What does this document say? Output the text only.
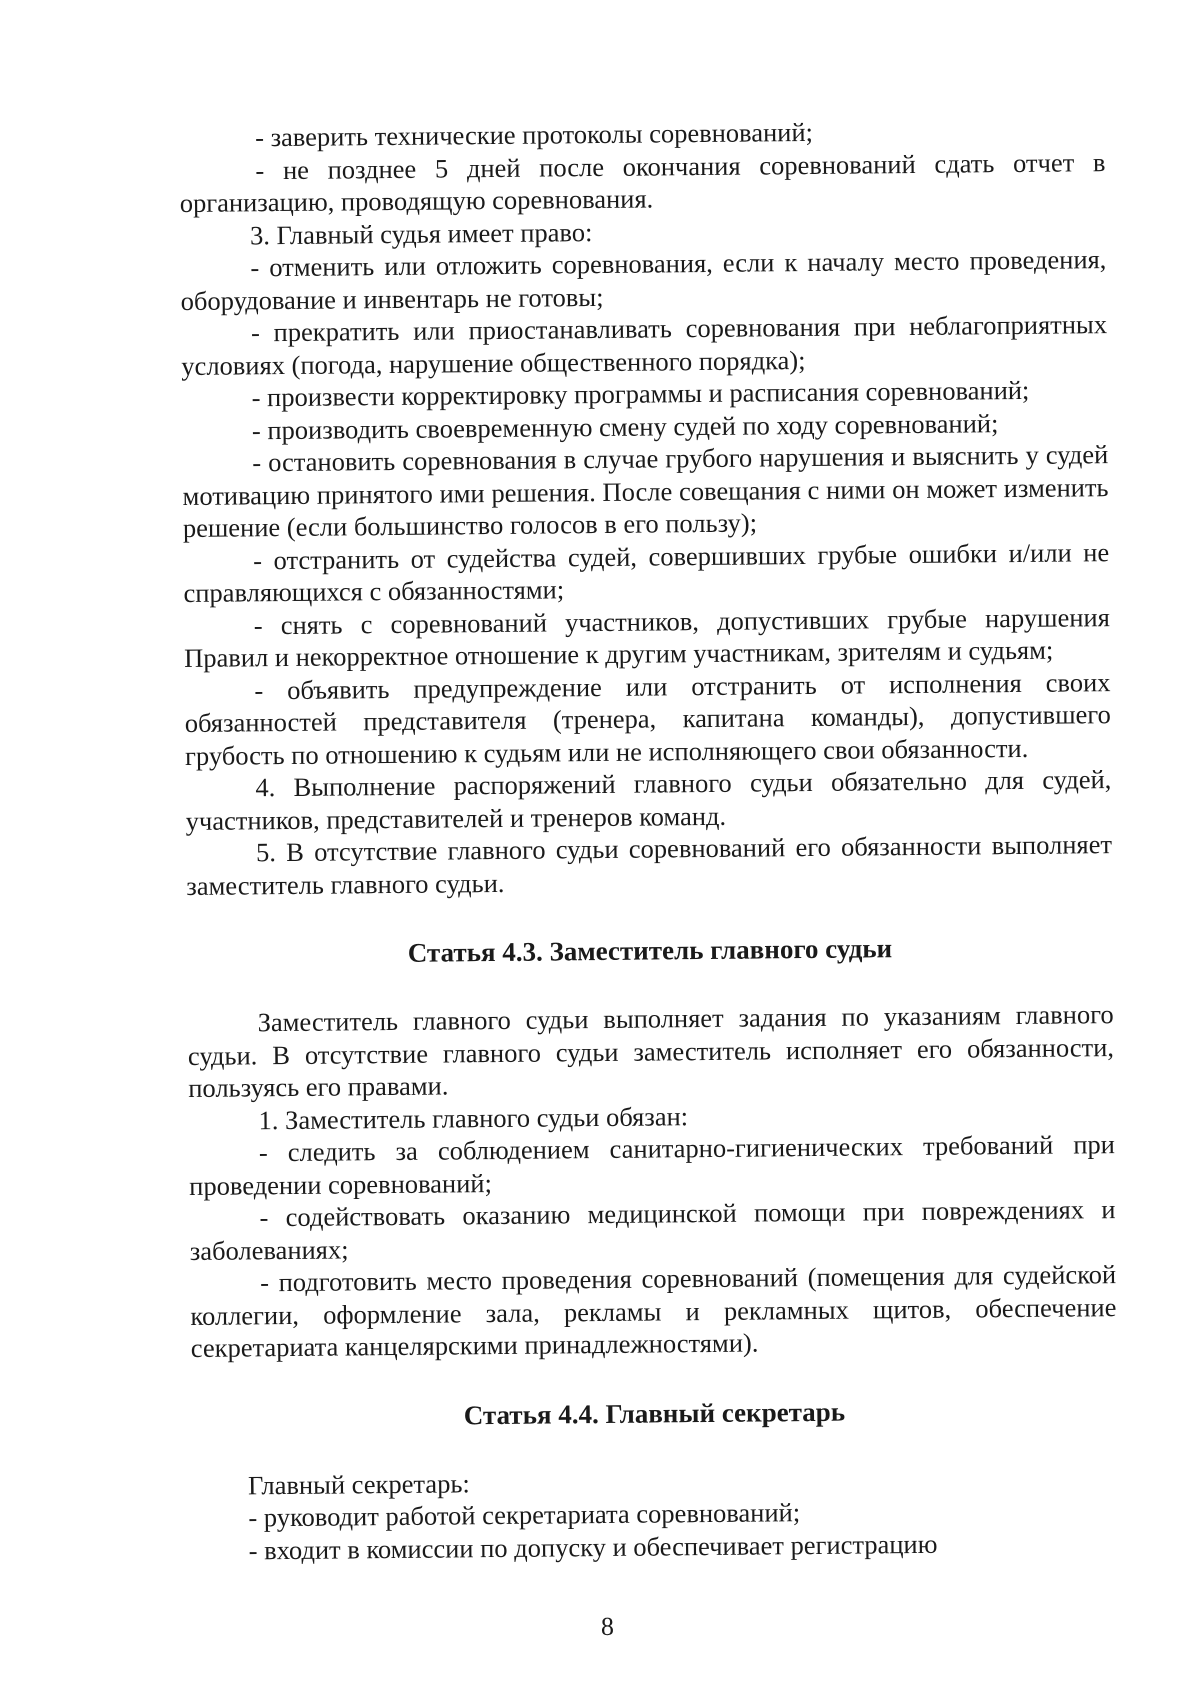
- заверить технические протоколы соревнований;

- не позднее 5 дней после окончания соревнований сдать отчет в организацию, проводящую соревнования.

3. Главный судья имеет право:

- отменить или отложить соревнования, если к началу место проведения, оборудование и инвентарь не готовы;

- прекратить или приостанавливать соревнования при неблагоприятных условиях (погода, нарушение общественного порядка);

- произвести корректировку программы и расписания соревнований;

- производить своевременную смену судей по ходу соревнований;

- остановить соревнования в случае грубого нарушения и выяснить у судей мотивацию принятого ими решения. После совещания с ними он может изменить решение (если большинство голосов в его пользу);

- отстранить от судейства судей, совершивших грубые ошибки и/или не справляющихся с обязанностями;

- снять с соревнований участников, допустивших грубые нарушения Правил и некорректное отношение к другим участникам, зрителям и судьям;

- объявить предупреждение или отстранить от исполнения своих обязанностей представителя (тренера, капитана команды), допустившего грубость по отношению к судьям или не исполняющего свои обязанности.

4. Выполнение распоряжений главного судьи обязательно для судей, участников, представителей и тренеров команд.

5. В отсутствие главного судьи соревнований его обязанности выполняет заместитель главного судьи.

Статья 4.3. Заместитель главного судьи

Заместитель главного судьи выполняет задания по указаниям главного судьи. В отсутствие главного судьи заместитель исполняет его обязанности, пользуясь его правами.

1. Заместитель главного судьи обязан:

- следить за соблюдением санитарно-гигиенических требований при проведении соревнований;

- содействовать оказанию медицинской помощи при повреждениях и заболеваниях;

- подготовить место проведения соревнований (помещения для судейской коллегии, оформление зала, рекламы и рекламных щитов, обеспечение секретариата канцелярскими принадлежностями).

Статья 4.4. Главный секретарь

Главный секретарь:

- руководит работой секретариата соревнований;

- входит в комиссии по допуску и обеспечивает регистрацию

8
